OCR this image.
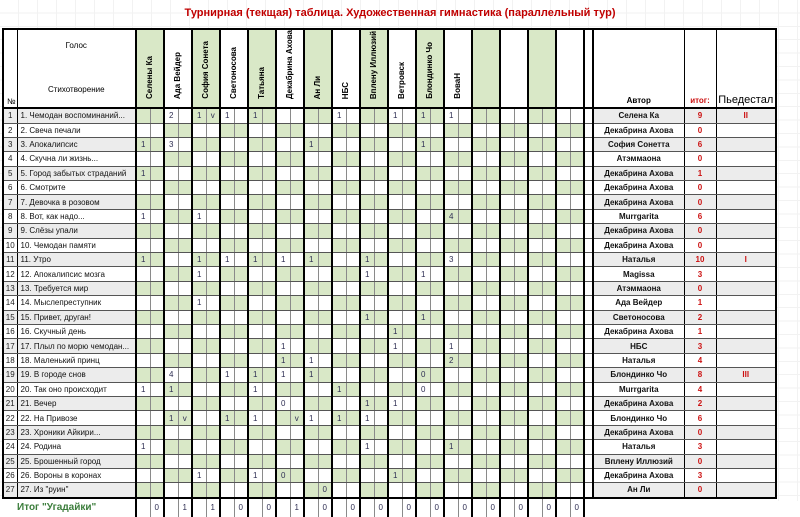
Турнирная (текщая) таблица. Художественная гимнастика (параллельный тур)
№	Голос
Стихотворение	Селены Ка		Ада Вейдер		София Сонета		Светоносова		Татьяна		Декабрина Ахова		Ан Ли		НБС		Вплену Иллюзий		Ветровск		Блондинко Чо		ВоваН											Автор	итог:	Пьедестал
1	1. Чемодан воспоминаний...			2		1	v	1		1						1				1		1		1											Селена Ка	9	II
2	2. Свеча печали																																		Декабрина Ахова	0	
3	3. Апокалипсис	1		3										1								1													София Сонетта	6	
4	4. Скучна ли жизнь...																																		Атэммаона	0	
5	5. Город забытых страданий	1																																	Декабрина Ахова	1	
6	6. Смотрите																																		Декабрина Ахова	0	
7	7. Девочка в розовом																																		Декабрина Ахова	0	
8	8. Вот, как надо...	1				1																		4											Murrgarita	6	
9	9. Слёзы упали																																		Декабрина Ахова	0	
10	10. Чемодан памяти																																		Декабрина Ахова	0	
11	11. Утро	1				1		1		1		1		1				1						3											Наталья	10	I
12	12. Апокалипсис мозга					1												1				1													Magissa	3	
13	13. Требуется мир																																		Атэммаона	0	
14	14. Мыслепреступник					1																													Ада Вейдер	1	
15	15. Привет, друган!																	1				1													Светоносова	2	
16	16. Скучный день																			1															Декабрина Ахова	1	
17	17. Плыл по морю чемодан...											1								1				1											НБС	3	
18	18. Маленький принц											1		1										2											Наталья	4	
19	19. В городе снов			4				1		1		1		1								0													Блондинко Чо	8	III
20	20. Так оно происходит	1		1						1						1						0													Murrgarita	4	
21	21. Вечер											0						1		1															Декабрина Ахова	2	
22	22. На Привозе			1	v			1		1			v	1		1		1																	Блондинко Чо	6	
23	23. Хроники Айкири...																																		Декабрина Ахова	0	
24	24. Родина	1																1						1											Наталья	3	
25	25. Брошенный город																																		Вплену Иллюзий	0	
26	26. Вороны в коронах					1				1		0								1															Декабрина Ахова	3	
27	27. Из "руин"														0																				Ан Ли	0	
Итог "Угадайки"			0		1		1		0		0		1		0		0		0		0		0		0		0		0		0		0				
